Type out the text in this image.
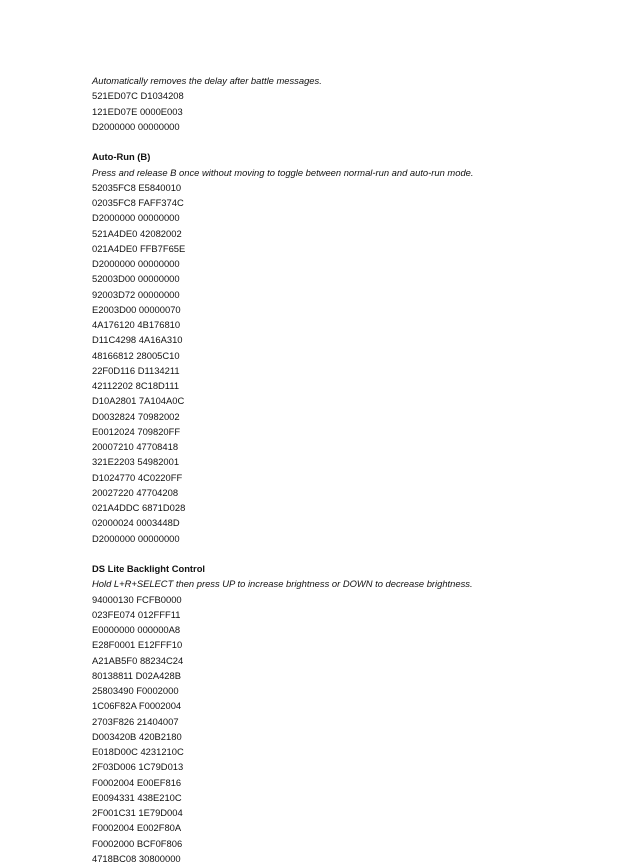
Automatically removes the delay after battle messages.
521ED07C D1034208
121ED07E 0000E003
D2000000 00000000
Auto-Run (B)
Press and release B once without moving to toggle between normal-run and auto-run mode.
52035FC8 E5840010
02035FC8 FAFF374C
D2000000 00000000
521A4DE0 42082002
021A4DE0 FFB7F65E
D2000000 00000000
52003D00 00000000
92003D72 00000000
E2003D00 00000070
4A176120 4B176810
D11C4298 4A16A310
48166812 28005C10
22F0D116 D1134211
42112202 8C18D111
D10A2801 7A104A0C
D0032824 70982002
E0012024 709820FF
20007210 47708418
321E2203 54982001
D1024770 4C0220FF
20027220 47704208
021A4DDC 6871D028
02000024 0003448D
D2000000 00000000
DS Lite Backlight Control
Hold L+R+SELECT then press UP to increase brightness or DOWN to decrease brightness.
94000130 FCFB0000
023FE074 012FFF11
E0000000 000000A8
E28F0001 E12FFF10
A21AB5F0 88234C24
80138811 D02A428B
25803490 F0002000
1C06F82A F0002004
2703F826 21404007
D003420B 420B2180
E018D00C 4231210C
2F03D006 1C79D013
F0002004 E00EF816
E0094331 438E210C
2F001C31 1E79D004
F0002004 E002F80A
F0002000 BCF0F806
4718BC08 30800000
